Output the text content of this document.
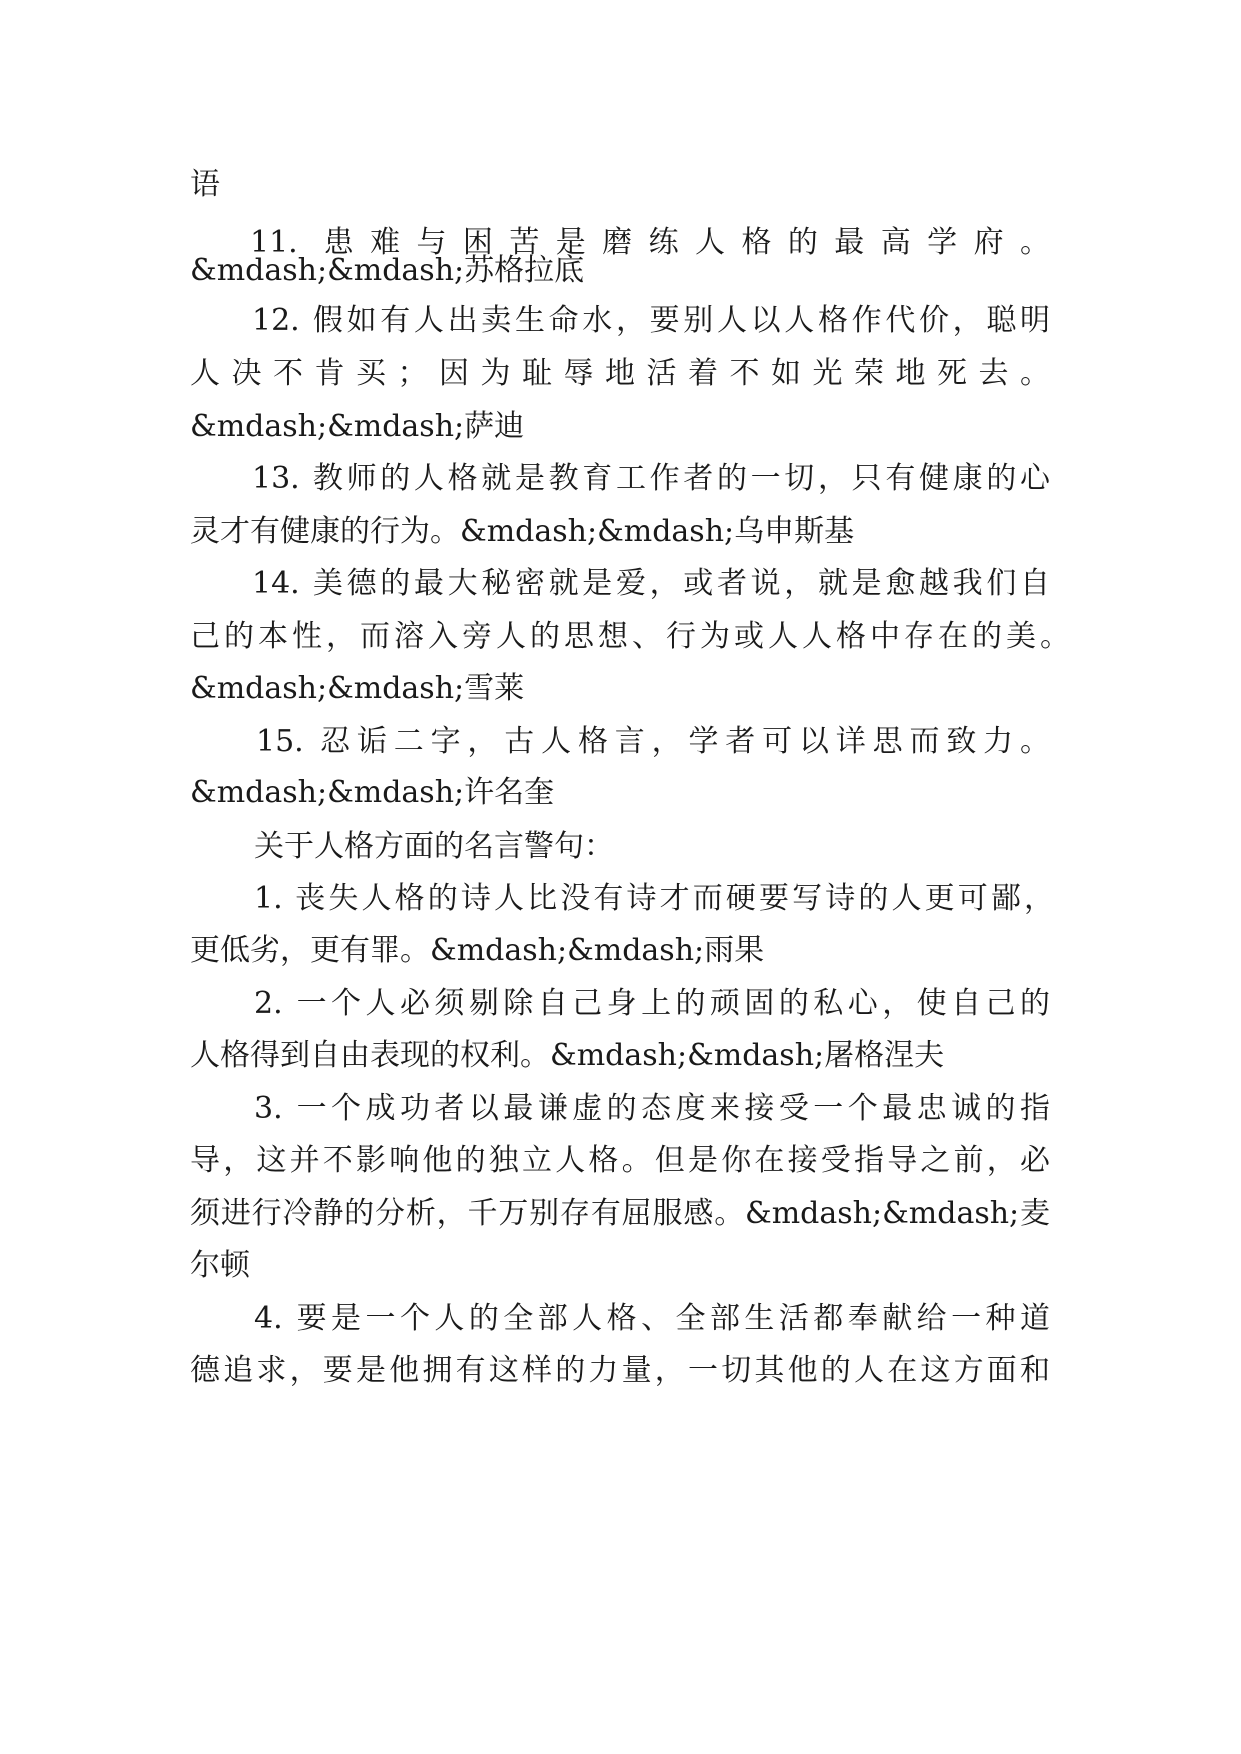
语
11. 患难与困苦是磨练人格的最高学府。
&mdash;&mdash;苏格拉底
12. 假如有人出卖生命水，要别人以人格作代价，聪明
人决不肯买；因为耻辱地活着不如光荣地死去。
&mdash;&mdash;萨迪
13. 教师的人格就是教育工作者的一切，只有健康的心
灵才有健康的行为。&mdash;&mdash;乌申斯基
14. 美德的最大秘密就是爱，或者说，就是愈越我们自
己的本性，而溶入旁人的思想、行为或人人格中存在的美。
&mdash;&mdash;雪莱
15. 忍诟二字，古人格言，学者可以详思而致力。
&mdash;&mdash;许名奎
关于人格方面的名言警句：
1. 丧失人格的诗人比没有诗才而硬要写诗的人更可鄙，
更低劣，更有罪。&mdash;&mdash;雨果
2. 一个人必须剔除自己身上的顽固的私心，使自己的
人格得到自由表现的权利。&mdash;&mdash;屠格涅夫
3. 一个成功者以最谦虚的态度来接受一个最忠诚的指
导，这并不影响他的独立人格。但是你在接受指导之前，必
须进行冷静的分析，千万别存有屈服感。&mdash;&mdash;麦
尔顿
4. 要是一个人的全部人格、全部生活都奉献给一种道
德追求，要是他拥有这样的力量，一切其他的人在这方面和
